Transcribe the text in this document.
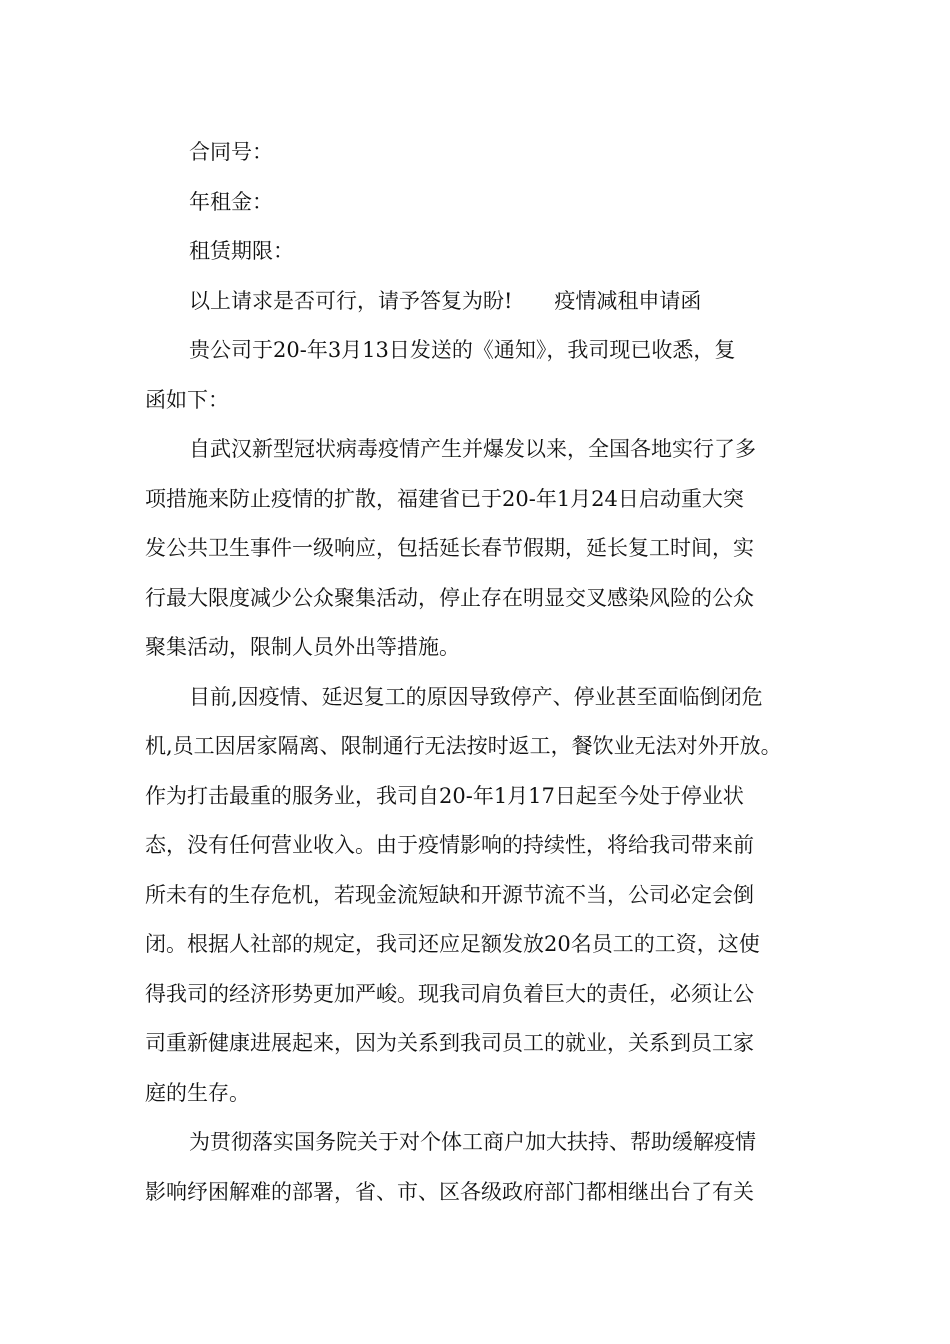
合同号：
年租金：
租赁期限：
以上请求是否可行，请予答复为盼!　　疫情减租申请函
贵公司于20-年3月13日发送的《通知》，我司现已收悉，复
函如下：
自武汉新型冠状病毒疫情产生并爆发以来，全国各地实行了多
项措施来防止疫情的扩散，福建省已于20-年1月24日启动重大突
发公共卫生事件一级响应，包括延长春节假期，延长复工时间，实
行最大限度减少公众聚集活动，停止存在明显交叉感染风险的公众
聚集活动，限制人员外出等措施。
目前,因疫情、延迟复工的原因导致停产、停业甚至面临倒闭危
机,员工因居家隔离、限制通行无法按时返工，餐饮业无法对外开放。
作为打击最重的服务业，我司自20-年1月17日起至今处于停业状
态，没有任何营业收入。由于疫情影响的持续性，将给我司带来前
所未有的生存危机，若现金流短缺和开源节流不当，公司必定会倒
闭。根据人社部的规定，我司还应足额发放20名员工的工资，这使
得我司的经济形势更加严峻。现我司肩负着巨大的责任，必须让公
司重新健康进展起来，因为关系到我司员工的就业，关系到员工家
庭的生存。
为贯彻落实国务院关于对个体工商户加大扶持、帮助缓解疫情
影响纾困解难的部署，省、市、区各级政府部门都相继出台了有关
